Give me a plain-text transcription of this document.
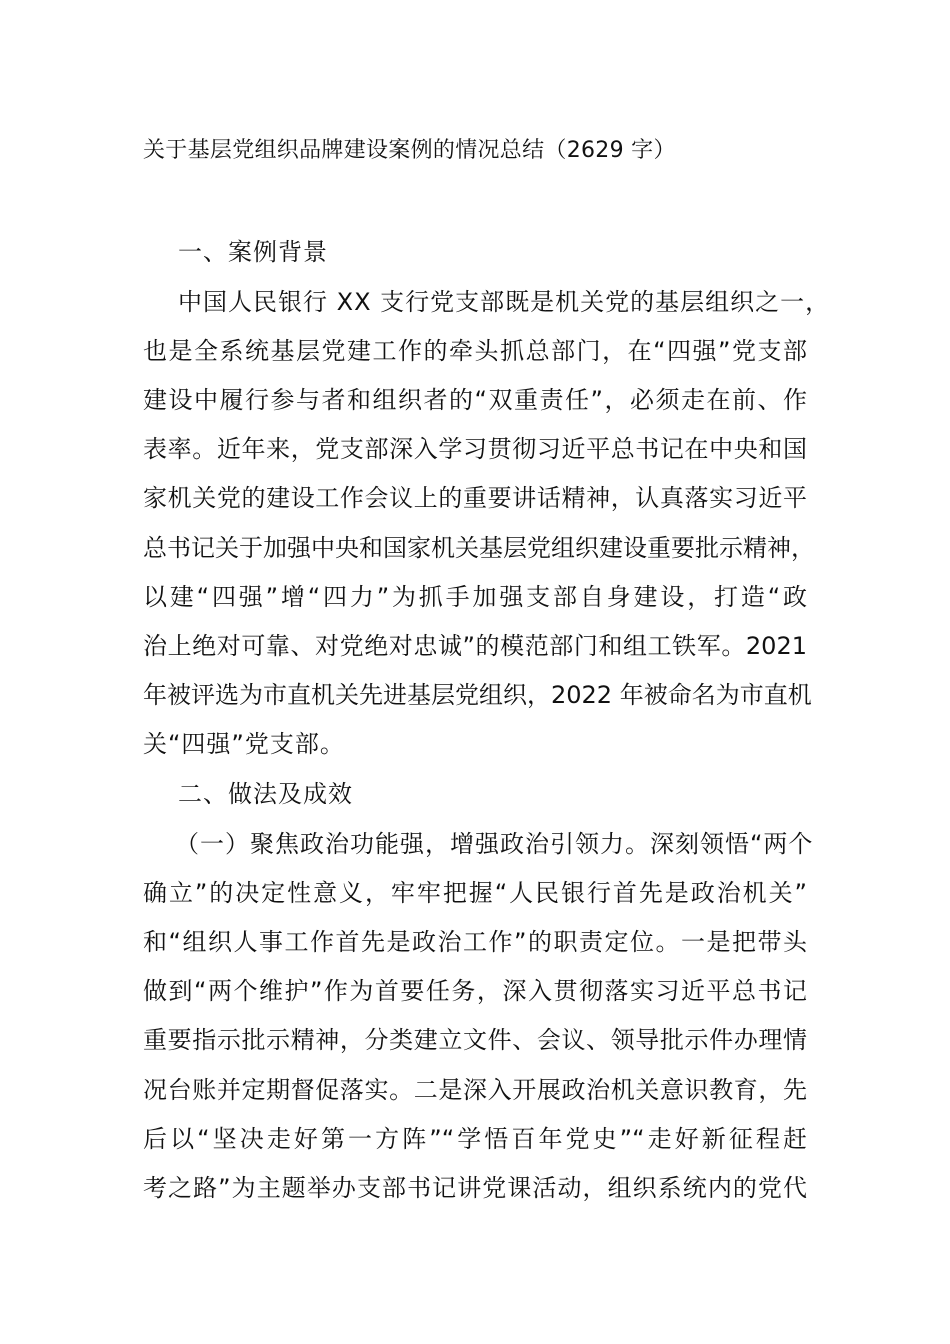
关于基层党组织品牌建设案例的情况总结（2629 字）
一、案例背景
中国人民银行 XX 支行党支部既是机关党的基层组织之一，
也是全系统基层党建工作的牵头抓总部门，在“四强”党支部
建设中履行参与者和组织者的“双重责任”，必须走在前、作
表率。近年来，党支部深入学习贯彻习近平总书记在中央和国
家机关党的建设工作会议上的重要讲话精神，认真落实习近平
总书记关于加强中央和国家机关基层党组织建设重要批示精神，
以建“四强”增“四力”为抓手加强支部自身建设，打造“政
治上绝对可靠、对党绝对忠诚”的模范部门和组工铁军。2021
年被评选为市直机关先进基层党组织，2022 年被命名为市直机
关“四强”党支部。
二、做法及成效
（一）聚焦政治功能强，增强政治引领力。深刻领悟“两个
确立”的决定性意义，牢牢把握“人民银行首先是政治机关”
和“组织人事工作首先是政治工作”的职责定位。一是把带头
做到“两个维护”作为首要任务，深入贯彻落实习近平总书记
重要指示批示精神，分类建立文件、会议、领导批示件办理情
况台账并定期督促落实。二是深入开展政治机关意识教育，先
后以“坚决走好第一方阵”“学悟百年党史”“走好新征程赶
考之路”为主题举办支部书记讲党课活动，组织系统内的党代
